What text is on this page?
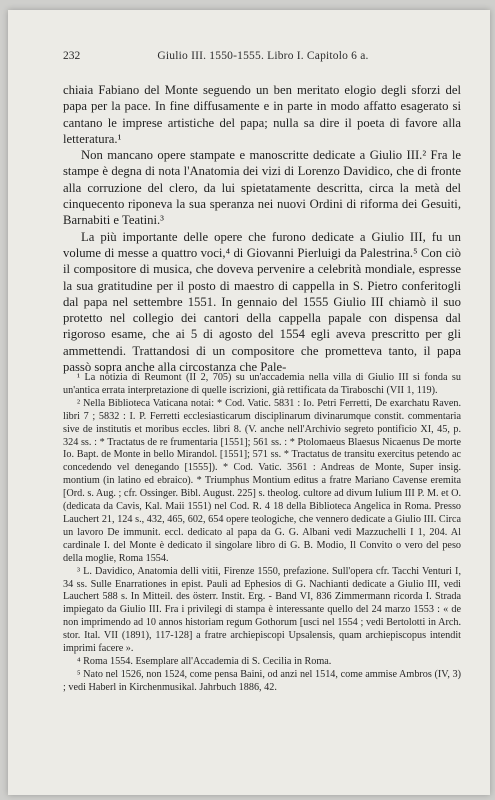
232	Giulio III. 1550-1555. Libro I. Capitolo 6 a.

chiaia Fabiano del Monte seguendo un ben meritato elogio degli sforzi del papa per la pace. In fine diffusamente e in parte in modo affatto esagerato si cantano le imprese artistiche del papa; nulla sa dire il poeta di favore alla letteratura.¹

Non mancano opere stampate e manoscritte dedicate a Giulio III.² Fra le stampe è degna di nota l'Anatomia dei vizi di Lorenzo Davidico, che di fronte alla corruzione del clero, da lui spietatamente descritta, circa la metà del cinquecento riponeva la sua speranza nei nuovi Ordini di riforma dei Gesuiti, Barnabiti e Teatini.³

La più importante delle opere che furono dedicate a Giulio III, fu un volume di messe a quattro voci,⁴ di Giovanni Pierluigi da Palestrina.⁵ Con ciò il compositore di musica, che doveva pervenire a celebrità mondiale, espresse la sua gratitudine per il posto di maestro di cappella in S. Pietro conferitogli dal papa nel settembre 1551. In gennaio del 1555 Giulio III chiamò il suo protetto nel collegio dei cantori della cappella papale con dispensa dal rigoroso esame, che ai 5 di agosto del 1554 egli aveva prescritto per gli ammettendi. Trattandosi di un compositore che prometteva tanto, il papa passò sopra anche alla circostanza che Pale-

¹ La notizia di Reumont (II 2, 705) su un'accademia nella villa di Giulio III si fonda su un'antica errata interpretazione di quelle iscrizioni, già rettificata da Tiraboschi (VII 1, 119).

² Nella Biblioteca Vaticana notai: * Cod. Vatic. 5831 : Io. Petri Ferretti, De exarchatu Raven. libri 7 ; 5832 : I. P. Ferretti ecclesiasticarum disciplinarum divinarumque constit. commentaria sive de institutis et moribus eccles. libri 8. (V. anche nell'Archivio segreto pontificio XI, 45, p. 324 ss. : * Tractatus de re frumentaria [1551]; 561 ss. : * Ptolomaeus Blaesus Nicaenus De morte Io. Bapt. de Monte in bello Mirandol. [1551]; 571 ss. * Tractatus de transitu exercitus petendo ac concedendo vel denegando [1555]). * Cod. Vatic. 3561 : Andreas de Monte, Super insig. montium (in latino ed ebraico). * Triumphus Montium editus a fratre Mariano Cavense eremita [Ord. s. Aug. ; cfr. Ossinger. Bibl. August. 225] s. theolog. cultore ad divum Iulium III P. M. et O. (dedicata da Cavis, Kal. Maii 1551) nel Cod. R. 4 18 della Biblioteca Angelica in Roma. Presso Lauchert 21, 124 s., 432, 465, 602, 654 opere teologiche, che vennero dedicate a Giulio III. Circa un lavoro De immunit. eccl. dedicato al papa da G. G. Albani vedi Mazzuchelli I 1, 204. Al cardinale I. del Monte è dedicato il singolare libro di G. B. Modio, Il Convito o vero del peso della moglie, Roma 1554.

³ L. Davidico, Anatomia delli vitii, Firenze 1550, prefazione. Sull'opera cfr. Tacchi Venturi I, 34 ss. Sulle Enarrationes in epist. Pauli ad Ephesios di G. Nachianti dedicate a Giulio III, vedi Lauchert 588 s. In Mitteil. des österr. Instit. Erg. - Band VI, 836 Zimmermann ricorda I. Strada impiegato da Giulio III. Fra i privilegi di stampa è interessante quello del 24 marzo 1553 : « de non imprimendo ad 10 annos historiam regum Gothorum [usci nel 1554 ; vedi Bertolotti in Arch. stor. Ital. VII (1891), 117-128] a fratre archiepiscopi Upsalensis, quam archiepiscopus intendit imprimi facere ».

⁴ Roma 1554. Esemplare all'Accademia di S. Cecilia in Roma.

⁵ Nato nel 1526, non 1524, come pensa Baini, od anzi nel 1514, come ammise Ambros (IV, 3) ; vedi Haberl in Kirchenmusikal. Jahrbuch 1886, 42.
